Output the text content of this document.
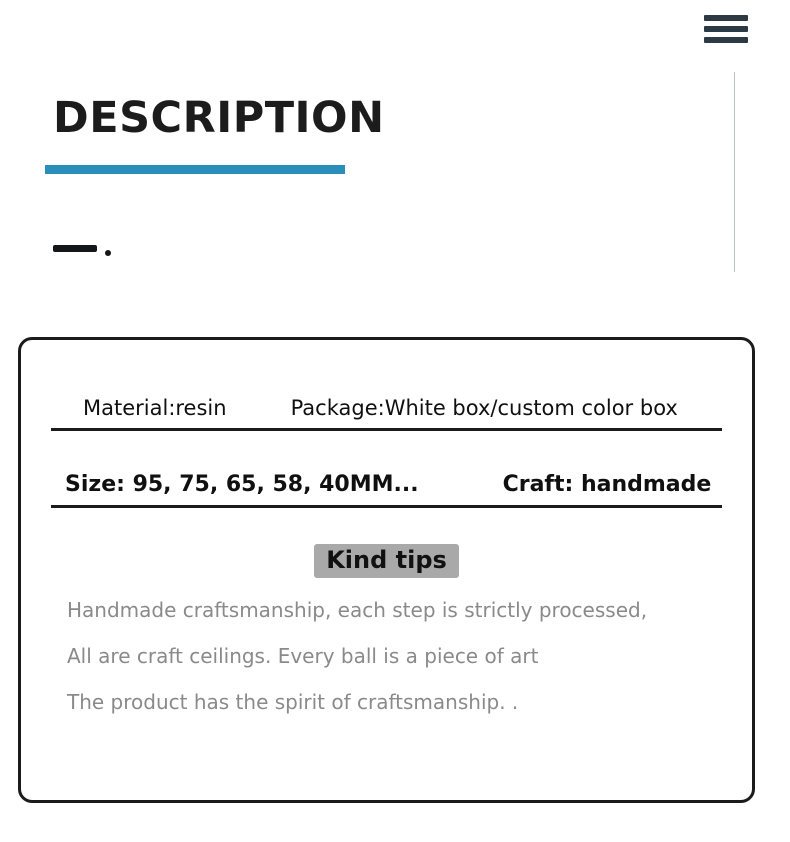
DESCRIPTION
Material:resin	Package:White box/custom color box
Size: 95, 75, 65, 58, 40MM...	Craft: handmade
Kind tips
Handmade craftsmanship, each step is strictly processed,
All are craft ceilings. Every ball is a piece of art
The product has the spirit of craftsmanship. .
